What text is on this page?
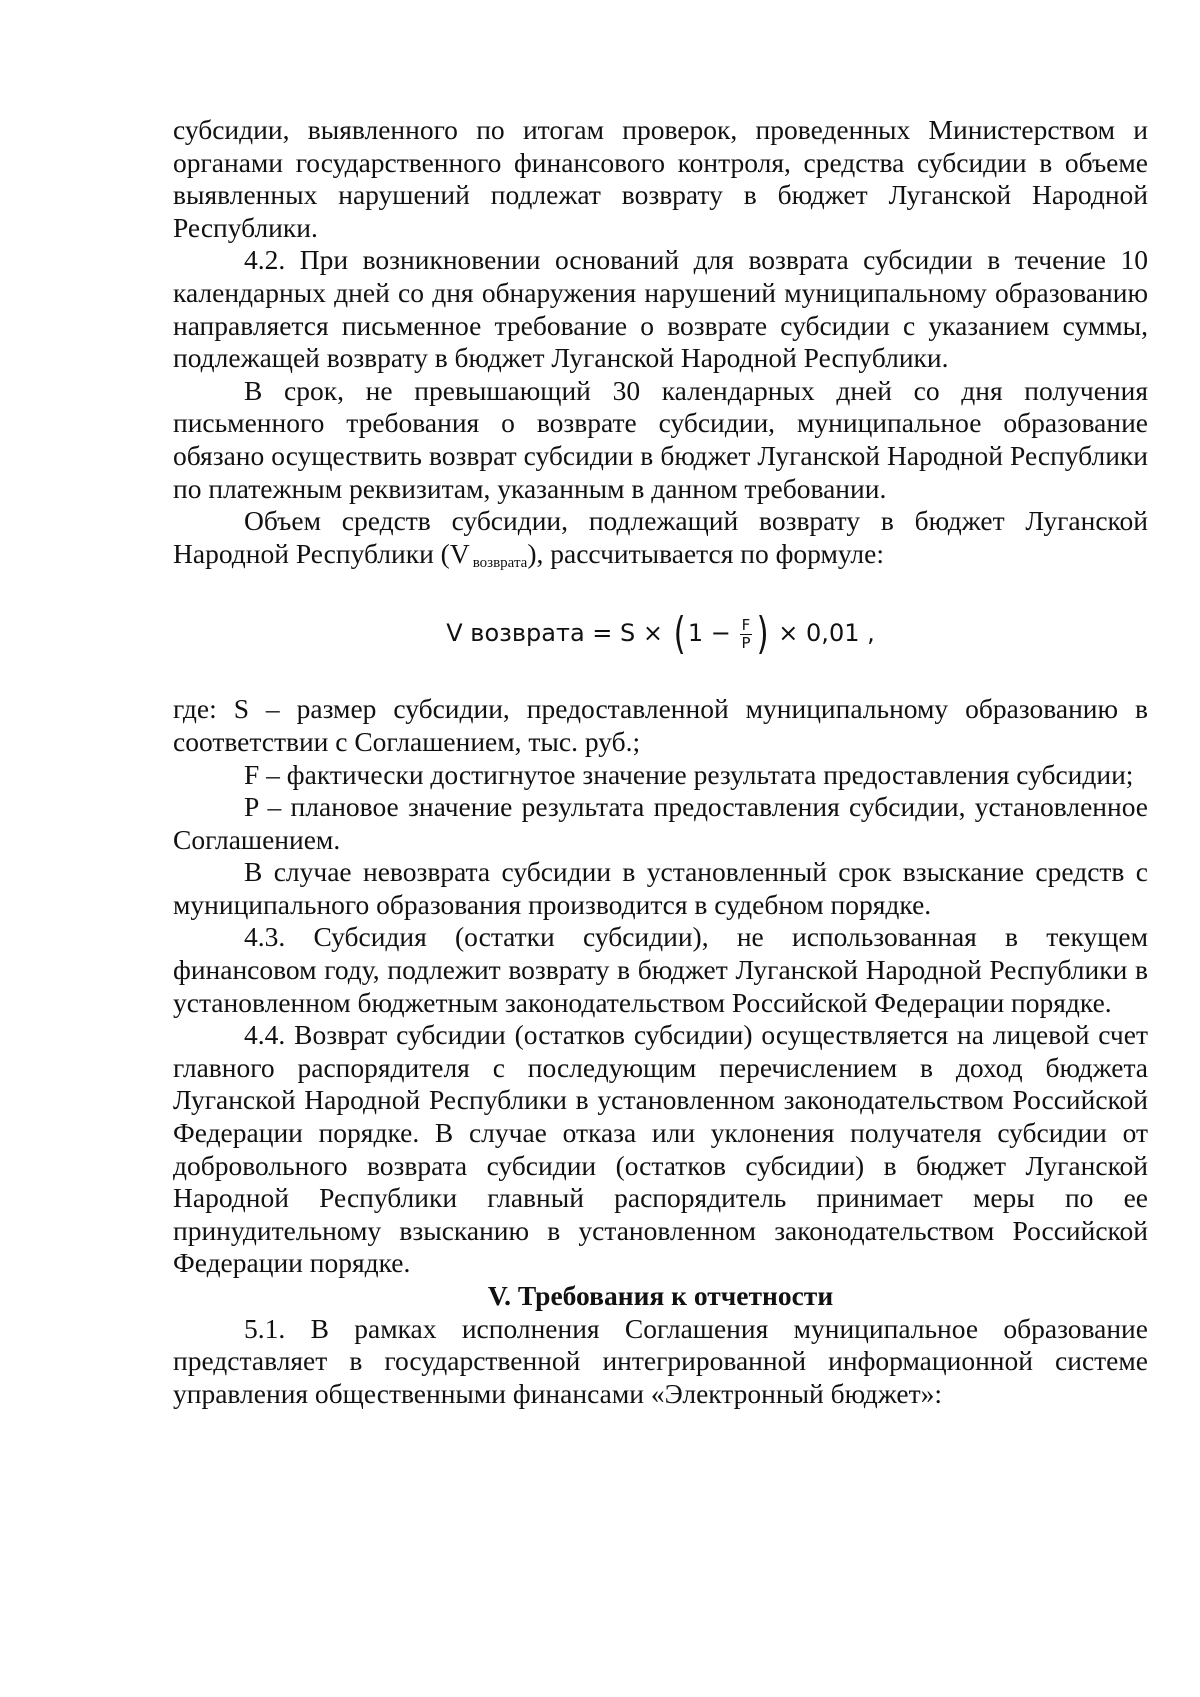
субсидии, выявленного по итогам проверок, проведенных Министерством и органами государственного финансового контроля, средства субсидии в объеме выявленных нарушений подлежат возврату в бюджет Луганской Народной Республики.

4.2. При возникновении оснований для возврата субсидии в течение 10 календарных дней со дня обнаружения нарушений муниципальному образованию направляется письменное требование о возврате субсидии с указанием суммы, подлежащей возврату в бюджет Луганской Народной Республики.

В срок, не превышающий 30 календарных дней со дня получения письменного требования о возврате субсидии, муниципальное образование обязано осуществить возврат субсидии в бюджет Луганской Народной Республики по платежным реквизитам, указанным в данном требовании.

Объем средств субсидии, подлежащий возврату в бюджет Луганской Народной Республики (V возврата), рассчитывается по формуле:

V возврата = S × ( $1 - \frac{F}{P}$ ) × 0,01 ,

где: S – размер субсидии, предоставленной муниципальному образованию в соответствии с Соглашением, тыс. руб.;

F – фактически достигнутое значение результата предоставления субсидии;

P – плановое значение результата предоставления субсидии, установленное Соглашением.

В случае невозврата субсидии в установленный срок взыскание средств с муниципального образования производится в судебном порядке.

4.3. Субсидия (остатки субсидии), не использованная в текущем финансовом году, подлежит возврату в бюджет Луганской Народной Республики в установленном бюджетным законодательством Российской Федерации порядке.

4.4. Возврат субсидии (остатков субсидии) осуществляется на лицевой счет главного распорядителя с последующим перечислением в доход бюджета Луганской Народной Республики в установленном законодательством Российской Федерации порядке. В случае отказа или уклонения получателя субсидии от добровольного возврата субсидии (остатков субсидии) в бюджет Луганской Народной Республики главный распорядитель принимает меры по ее принудительному взысканию в установленном законодательством Российской Федерации порядке.

V. Требования к отчетности

5.1. В рамках исполнения Соглашения муниципальное образование представляет в государственной интегрированной информационной системе управления общественными финансами «Электронный бюджет»:
